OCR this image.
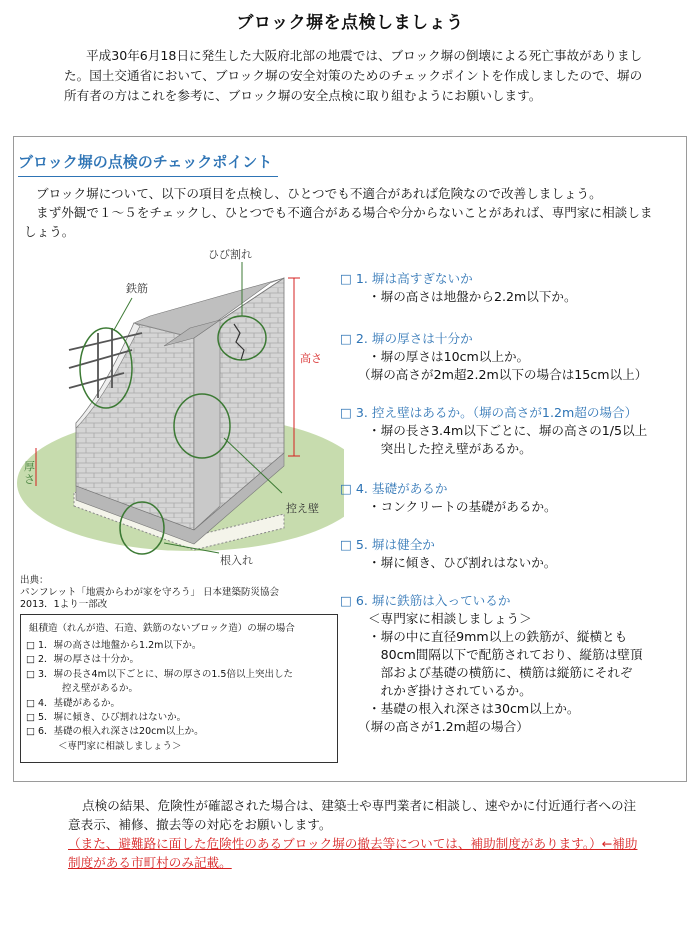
ブロック塀を点検しましょう
平成30年6月18日に発生した大阪府北部の地震では、ブロック塀の倒壊による死亡事故がありました。国土交通省において、ブロック塀の安全対策のためのチェックポイントを作成しましたので、塀の所有者の方はこれを参考に、ブロック塀の安全点検に取り組むようにお願いします。
ブロック塀の点検のチェックポイント

ブロック塀について、以下の項目を点検し、ひとつでも不適合があれば危険なので改善しましょう。

まず外観で１～５をチェックし、ひとつでも不適合がある場合や分からないことがあれば、専門家に相談しましょう。

ひび割れ
鉄筋
高さ
厚さ
控え壁
根入れ
出典：
パンフレット「地震からわが家を守ろう」 日本建築防災協会
2013．1より一部改
組積造（れんが造、石造、鉄筋のないブロック造）の塀の場合
□ 1．塀の高さは地盤から1.2m以下か。
□ 2．塀の厚さは十分か。
□ 3．塀の長さ4m以下ごとに、塀の厚さの1.5倍以上突出した
控え壁があるか。
□ 4．基礎があるか。
□ 5．塀に傾き、ひび割れはないか。
□ 6．基礎の根入れ深さは20cm以上か。
＜専門家に相談しましょう＞
□ 1. 塀は高すぎないか
・塀の高さは地盤から2.2m以下か。
□ 2. 塀の厚さは十分か
・塀の厚さは10cm以上か。
（塀の高さが2m超2.2m以下の場合は15cm以上）
□ 3. 控え壁はあるか。（塀の高さが1.2m超の場合）
・塀の長さ3.4m以下ごとに、塀の高さの1/5以上
　突出した控え壁があるか。
□ 4. 基礎があるか
・コンクリートの基礎があるか。
□ 5. 塀は健全か
・塀に傾き、ひび割れはないか。
□ 6. 塀に鉄筋は入っているか
＜専門家に相談しましょう＞
・塀の中に直径9mm以上の鉄筋が、縦横とも
　80cm間隔以下で配筋されており、縦筋は壁頂
　部および基礎の横筋に、横筋は縦筋にそれぞ
　れかぎ掛けされているか。
・基礎の根入れ深さは30cm以上か。
（塀の高さが1.2m超の場合）
点検の結果、危険性が確認された場合は、建築士や専門業者に相談し、速やかに付近通行者への注意表示、補修、撤去等の対応をお願いします。
（また、避難路に面した危険性のあるブロック塀の撤去等については、補助制度があります。）←補助制度がある市町村のみ記載。
